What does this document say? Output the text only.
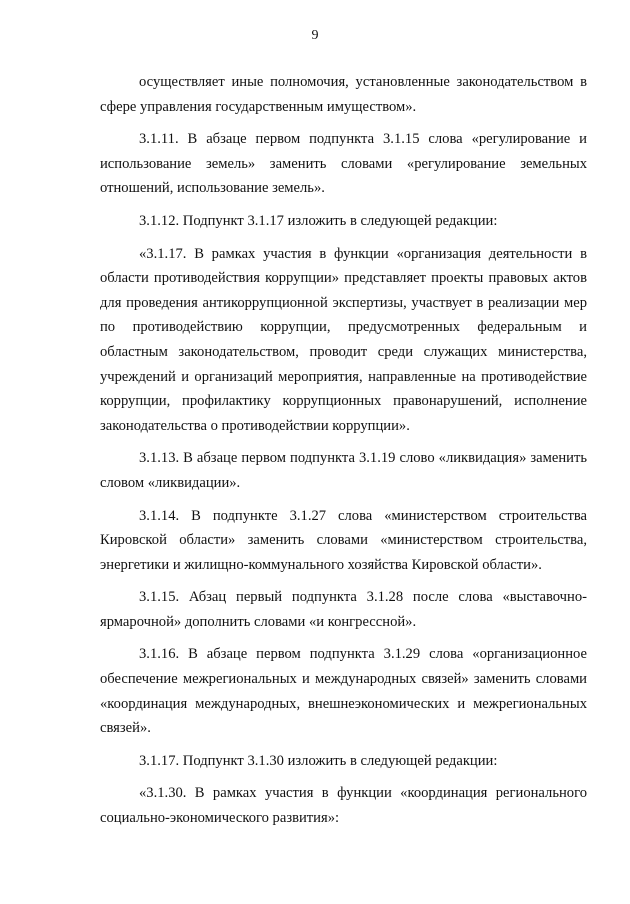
9

осуществляет иные полномочия, установленные законодательством в сфере управления государственным имуществом».

3.1.11. В абзаце первом подпункта 3.1.15 слова «регулирование и использование земель» заменить словами «регулирование земельных отношений, использование земель».

3.1.12. Подпункт 3.1.17 изложить в следующей редакции:

«3.1.17. В рамках участия в функции «организация деятельности в области противодействия коррупции» представляет проекты правовых актов для проведения антикоррупционной экспертизы, участвует в реализации мер по противодействию коррупции, предусмотренных федеральным и областным законодательством, проводит среди служащих министерства, учреждений и организаций мероприятия, направленные на противодействие коррупции, профилактику коррупционных правонарушений, исполнение законодательства о противодействии коррупции».

3.1.13. В абзаце первом подпункта 3.1.19 слово «ликвидация» заменить словом «ликвидации».

3.1.14. В подпункте 3.1.27 слова «министерством строительства Кировской области» заменить словами «министерством строительства, энергетики и жилищно-коммунального хозяйства Кировской области».

3.1.15. Абзац первый подпункта 3.1.28 после слова «выставочно-ярмарочной» дополнить словами «и конгрессной».

3.1.16. В абзаце первом подпункта 3.1.29 слова «организационное обеспечение межрегиональных и международных связей» заменить словами «координация международных, внешнеэкономических и межрегиональных связей».

3.1.17. Подпункт 3.1.30 изложить в следующей редакции:

«3.1.30. В рамках участия в функции «координация регионального социально-экономического развития»:
